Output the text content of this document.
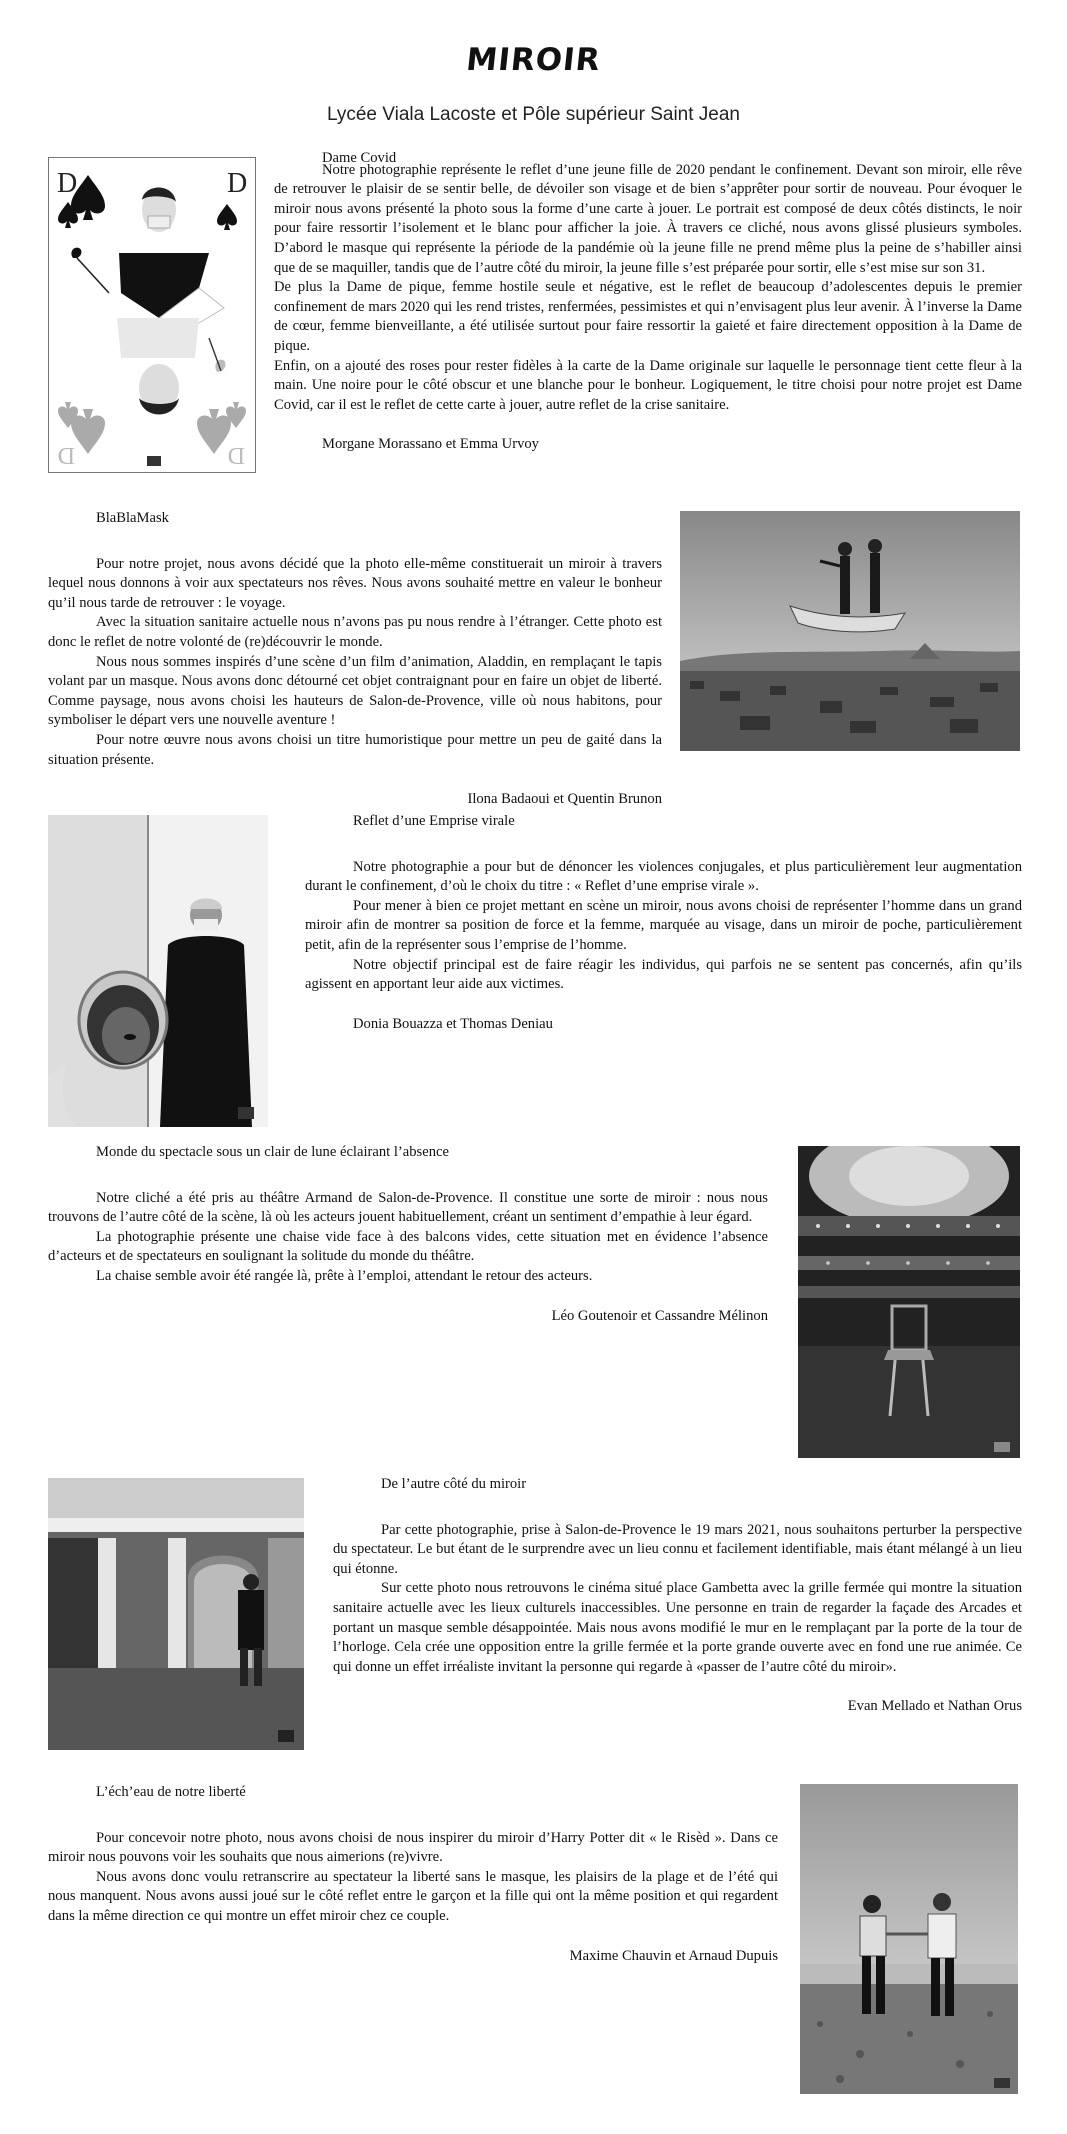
MIROIR
Lycée Viala Lacoste et Pôle supérieur Saint Jean
D	D
D	D

Dame Covid

Notre photographie représente le reflet d’une jeune fille de 2020 pendant le confinement. Devant son miroir, elle rêve de retrouver le plaisir de se sentir belle, de dévoiler son visage et de bien s’apprêter pour sortir de nouveau. Pour évoquer le miroir nous avons présenté la photo sous la forme d’une carte à jouer. Le portrait est composé de deux côtés distincts, le noir pour faire ressortir l’isolement et le blanc pour afficher la joie. À travers ce cliché, nous avons glissé plusieurs symboles. D’abord le masque qui représente la période de la pandémie où la jeune fille ne prend même plus la peine de s’habiller ainsi que de se maquiller, tandis que de l’autre côté du miroir, la jeune fille s’est préparée pour sortir, elle s’est mise sur son 31.

De plus la Dame de pique, femme hostile seule et négative, est le reflet de beaucoup d’adolescentes depuis le premier confinement de mars 2020 qui les rend tristes, renfermées, pessimistes et qui n’envisagent plus leur avenir. À l’inverse la Dame de cœur, femme bienveillante, a été utilisée surtout pour faire ressortir la gaieté et faire directement opposition à la Dame de pique.

Enfin, on a ajouté des roses pour rester fidèles à la carte de la Dame originale sur laquelle le personnage tient cette fleur à la main. Une noire pour le côté obscur et une blanche pour le bonheur. Logiquement, le titre choisi pour notre projet est Dame Covid, car il est le reflet de cette carte à jouer, autre reflet de la crise sanitaire.

Morgane Morassano et Emma Urvoy

BlaBlaMask

Pour notre projet, nous avons décidé que la photo elle-même constituerait un miroir à travers lequel nous donnons à voir aux spectateurs nos rêves. Nous avons souhaité mettre en valeur le bonheur qu’il nous tarde de retrouver : le voyage.

Avec la situation sanitaire actuelle nous n’avons pas pu nous rendre à l’étranger. Cette photo est donc le reflet de notre volonté de (re)découvrir le monde.

Nous nous sommes inspirés d’une scène d’un film d’animation, Aladdin, en remplaçant le tapis volant par un masque. Nous avons donc détourné cet objet contraignant pour en faire un objet de liberté. Comme paysage, nous avons choisi les hauteurs de Salon-de-Provence, ville où nous habitons, pour symboliser le départ vers une nouvelle aventure !

Pour notre œuvre nous avons choisi un titre humoristique pour mettre un peu de gaité dans la situation présente.

Ilona Badaoui et Quentin Brunon

Reflet d’une Emprise virale

Notre photographie a pour but de dénoncer les violences conjugales, et plus particulièrement leur augmentation durant le confinement, d’où le choix du titre : « Reflet d’une emprise virale ».

Pour mener à bien ce projet mettant en scène un miroir, nous avons choisi de représenter l’homme dans un grand miroir afin de montrer sa position de force et la femme, marquée au visage, dans un miroir de poche, particulièrement petit, afin de la représenter sous l’emprise de l’homme.

Notre objectif principal est de faire réagir les individus, qui parfois ne se sentent pas concernés, afin qu’ils agissent en apportant leur aide aux victimes.

Donia Bouazza et Thomas Deniau

Monde du spectacle sous un clair de lune éclairant l’absence

Notre cliché a été pris au théâtre Armand de Salon-de-Provence. Il constitue une sorte de miroir : nous nous trouvons de l’autre côté de la scène, là où les acteurs jouent habituellement, créant un sentiment d’empathie à leur égard.

La photographie présente une chaise vide face à des balcons vides, cette situation met en évidence l’absence d’acteurs et de spectateurs en soulignant la solitude du monde du théâtre.

La chaise semble avoir été rangée là, prête à l’emploi, attendant le retour des acteurs.

Léo Goutenoir et Cassandre Mélinon

De l’autre côté du miroir

Par cette photographie, prise à Salon-de-Provence le 19 mars 2021, nous souhaitons perturber la perspective du spectateur. Le but étant de le surprendre avec un lieu connu et facilement identifiable, mais étant mélangé à un lieu qui étonne.

Sur cette photo nous retrouvons le cinéma situé place Gambetta avec la grille fermée qui montre la situation sanitaire actuelle avec les lieux culturels inaccessibles. Une personne en train de regarder la façade des Arcades et portant un masque semble désappointée. Mais nous avons modifié le mur en le remplaçant par la porte de la tour de l’horloge. Cela crée une opposition entre la grille fermée et la porte grande ouverte avec en fond une rue animée. Ce qui donne un effet irréaliste invitant la personne qui regarde à «passer de l’autre côté du miroir».

Evan Mellado et Nathan Orus

L’éch’eau de notre liberté

Pour concevoir notre photo, nous avons choisi de nous inspirer du miroir d’Harry Potter dit « le Risèd ». Dans ce miroir nous pouvons voir les souhaits que nous aimerions (re)vivre.

Nous avons donc voulu retranscrire au spectateur la liberté sans le masque, les plaisirs de la plage et de l’été qui nous manquent. Nous avons aussi joué sur le côté reflet entre le garçon et la fille qui ont la même position et qui regardent dans la même direction ce qui montre un effet miroir chez ce couple.

Maxime Chauvin et Arnaud Dupuis
